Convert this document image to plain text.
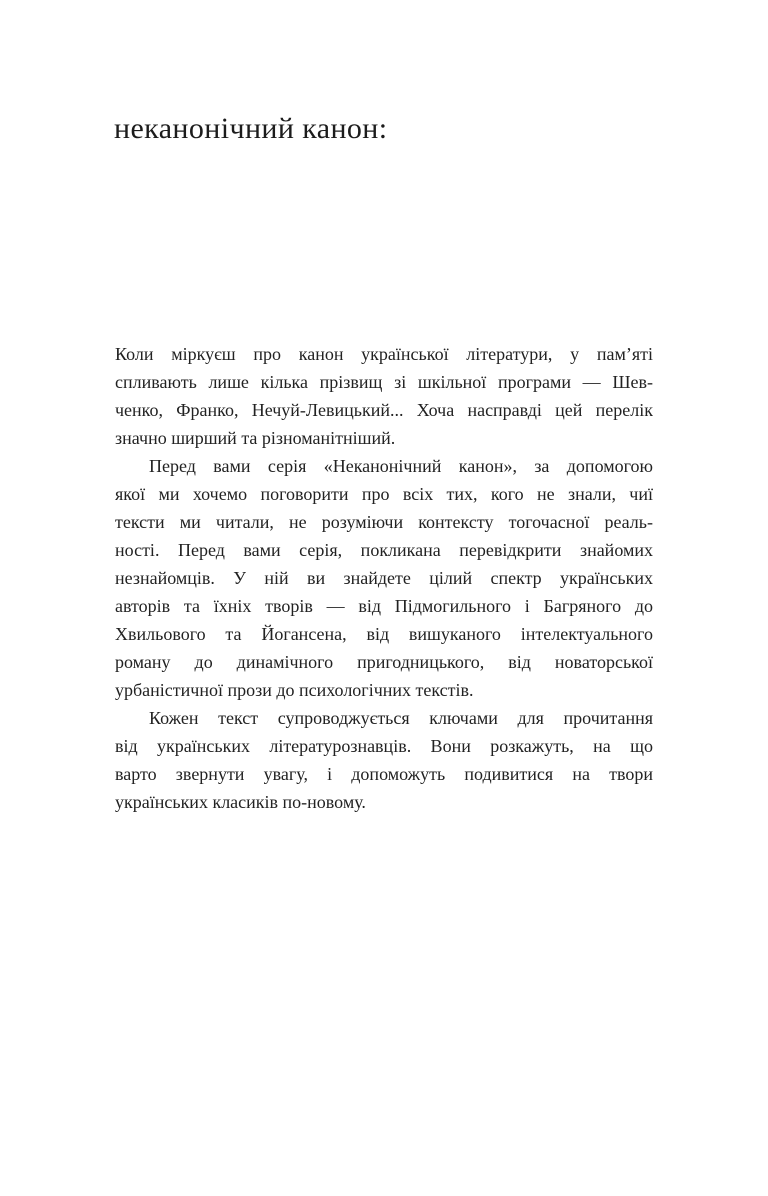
неканонічний канон:
Коли міркуєш про канон української літератури, у памʼяті
спливають лише кілька прізвищ зі шкільної програми — Шев-
ченко, Франко, Нечуй-Левицький... Хоча насправді цей перелік
значно ширший та різноманітніший.
Перед вами серія «Неканонічний канон», за допомогою
якої ми хочемо поговорити про всіх тих, кого не знали, чиї
тексти ми читали, не розуміючи контексту тогочасної реаль-
ності. Перед вами серія, покликана перевідкрити знайомих
незнайомців. У ній ви знайдете цілий спектр українських
авторів та їхніх творів — від Підмогильного і Багряного до
Хвильового та Йогансена, від вишуканого інтелектуального
роману до динамічного пригодницького, від новаторської
урбаністичної прози до психологічних текстів.
Кожен текст супроводжується ключами для прочитання
від українських літературознавців. Вони розкажуть, на що
варто звернути увагу, і допоможуть подивитися на твори
українських класиків по-новому.
